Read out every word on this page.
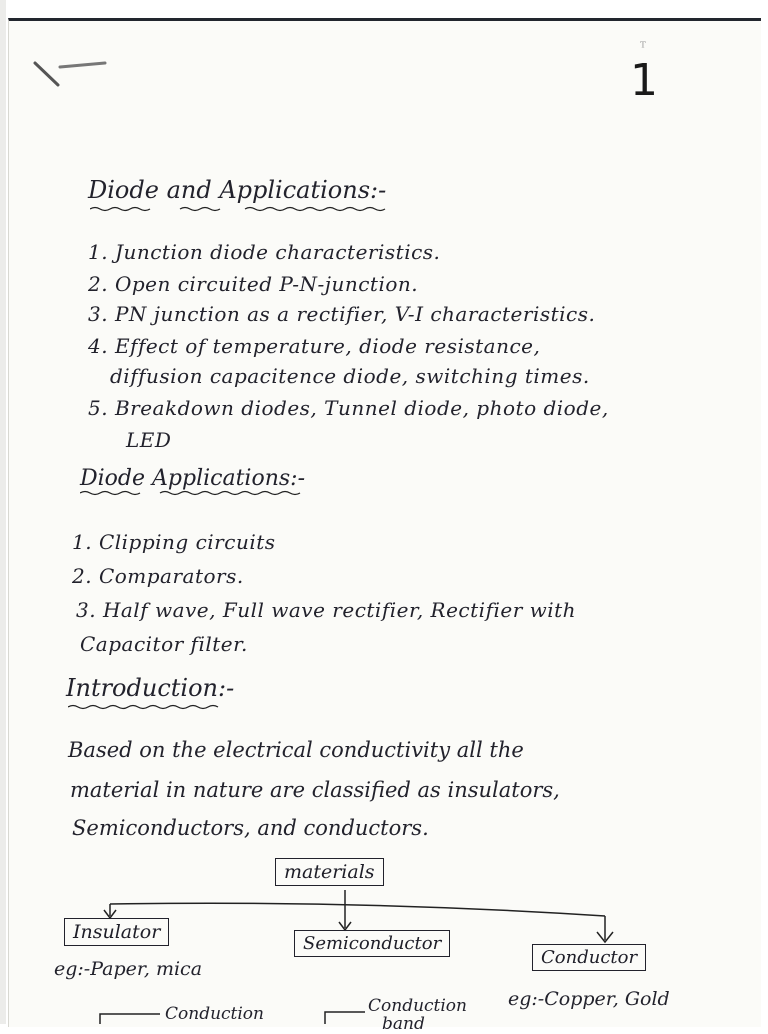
ᵀ
1
Diode and Applications:-
1. Junction diode characteristics.
2. Open circuited P-N-junction.
3. PN junction as a rectifier, V-I characteristics.
4. Effect of temperature, diode resistance,
diffusion capacitence diode, switching times.
5. Breakdown diodes, Tunnel diode, photo diode,
LED
Diode Applications:-
1. Clipping circuits
2. Comparators.
3. Half wave, Full wave rectifier, Rectifier with
Capacitor filter.
Introduction:-
Based on the electrical conductivity all the
material in nature are classified as insulators,
Semiconductors, and conductors.
materials
Insulator
Semiconductor
Conductor
eg:-Paper, mica
eg:-Copper, Gold
Conduction	Conduction
band
